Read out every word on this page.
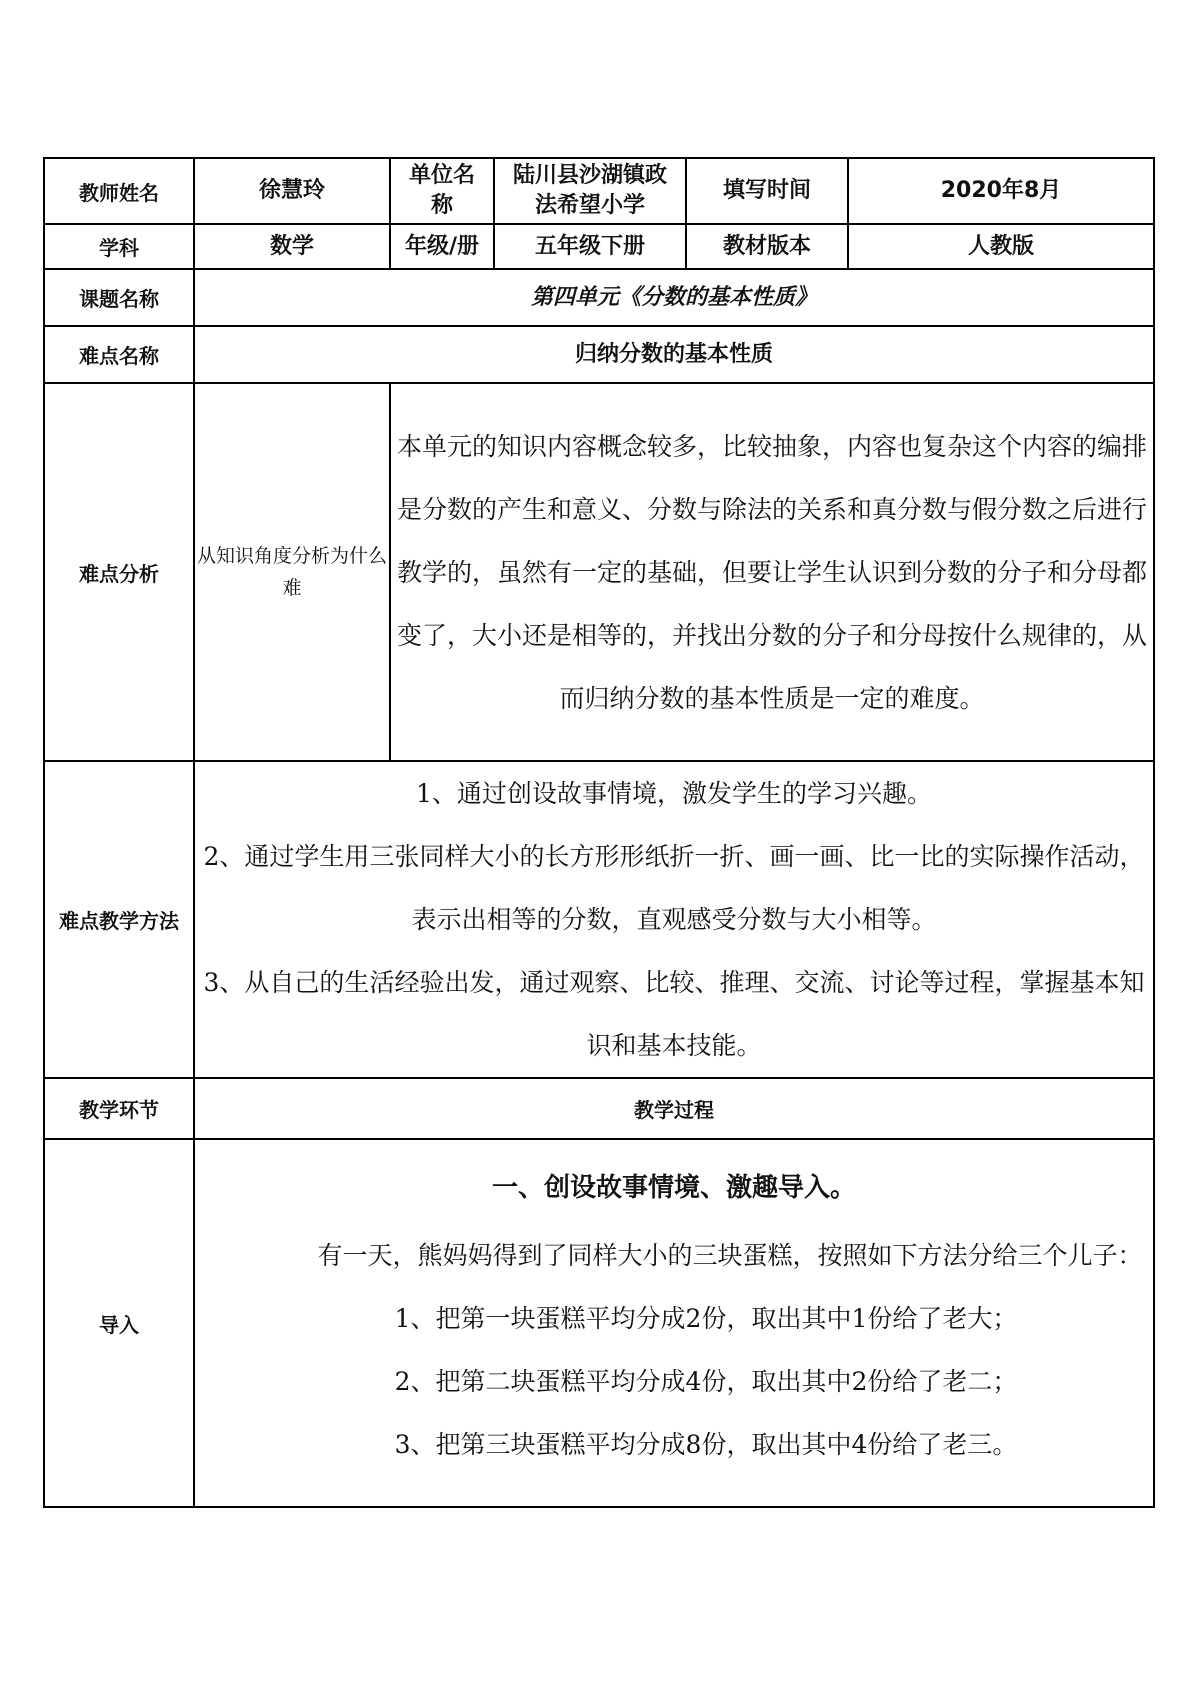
教师姓名	徐慧玲	单位名称	陆川县沙湖镇政法希望小学	填写时间	2020年8月
学科	数学	年级/册	五年级下册	教材版本	人教版
课题名称	第四单元《分数的基本性质》				
难点名称	归纳分数的基本性质				
难点分析	从知识角度分析为什么难	本单元的知识内容概念较多，比较抽象，内容也复杂这个内容的编排是分数的产生和意义、分数与除法的关系和真分数与假分数之后进行教学的，虽然有一定的基础，但要让学生认识到分数的分子和分母都变了，大小还是相等的，并找出分数的分子和分母按什么规律的，从而归纳分数的基本性质是一定的难度。			
难点教学方法	1、通过创设故事情境，激发学生的学习兴趣。

2、通过学生用三张同样大小的长方形形纸折一折、画一画、比一比的实际操作活动，表示出相等的分数，直观感受分数与大小相等。

3、从自己的生活经验出发，通过观察、比较、推理、交流、讨论等过程，掌握基本知识和基本技能。				

教学环节	教学过程				
导入	一、创设故事情境、激趣导入。

有一天，熊妈妈得到了同样大小的三块蛋糕，按照如下方法分给三个儿子：

1、把第一块蛋糕平均分成2份，取出其中1份给了老大；

2、把第二块蛋糕平均分成4份，取出其中2份给了老二；

3、把第三块蛋糕平均分成8份，取出其中4份给了老三。				
